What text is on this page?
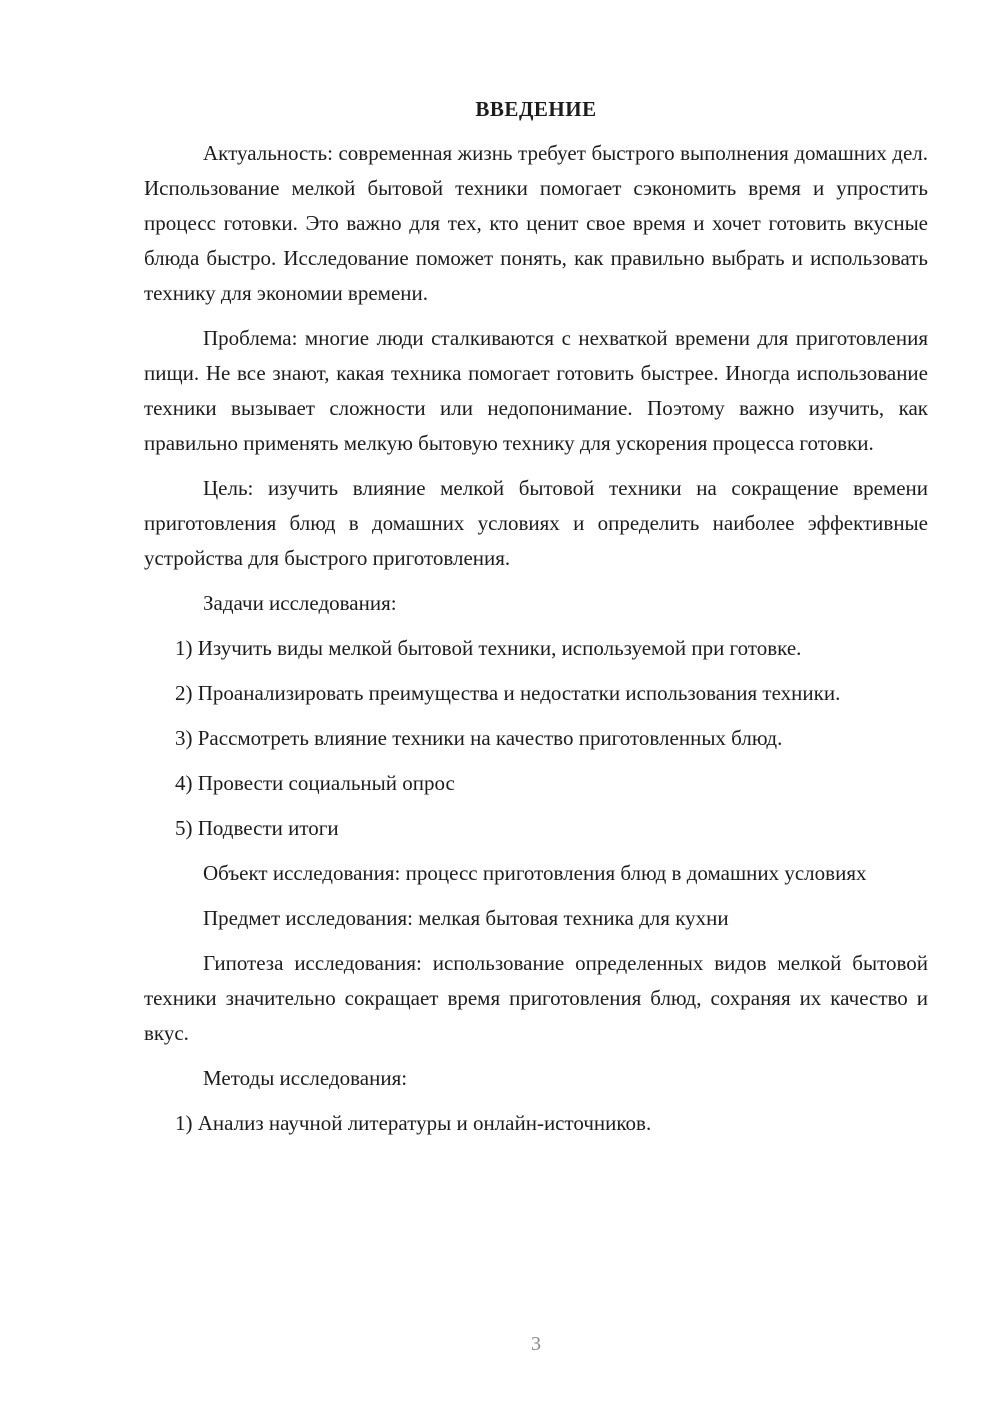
ВВЕДЕНИЕ

Актуальность: современная жизнь требует быстрого выполнения домашних дел. Использование мелкой бытовой техники помогает сэкономить время и упростить процесс готовки. Это важно для тех, кто ценит свое время и хочет готовить вкусные блюда быстро. Исследование поможет понять, как правильно выбрать и использовать технику для экономии времени.

Проблема: многие люди сталкиваются с нехваткой времени для приготовления пищи. Не все знают, какая техника помогает готовить быстрее. Иногда использование техники вызывает сложности или недопонимание. Поэтому важно изучить, как правильно применять мелкую бытовую технику для ускорения процесса готовки.

Цель: изучить влияние мелкой бытовой техники на сокращение времени приготовления блюд в домашних условиях и определить наиболее эффективные устройства для быстрого приготовления.

Задачи исследования:

1) Изучить виды мелкой бытовой техники, используемой при готовке.

2) Проанализировать преимущества и недостатки использования техники.

3) Рассмотреть влияние техники на качество приготовленных блюд.

4) Провести социальный опрос

5) Подвести итоги

Объект исследования: процесс приготовления блюд в домашних условиях

Предмет исследования: мелкая бытовая техника для кухни

Гипотеза исследования: использование определенных видов мелкой бытовой техники значительно сокращает время приготовления блюд, сохраняя их качество и вкус.

Методы исследования:

1) Анализ научной литературы и онлайн-источников.

3
